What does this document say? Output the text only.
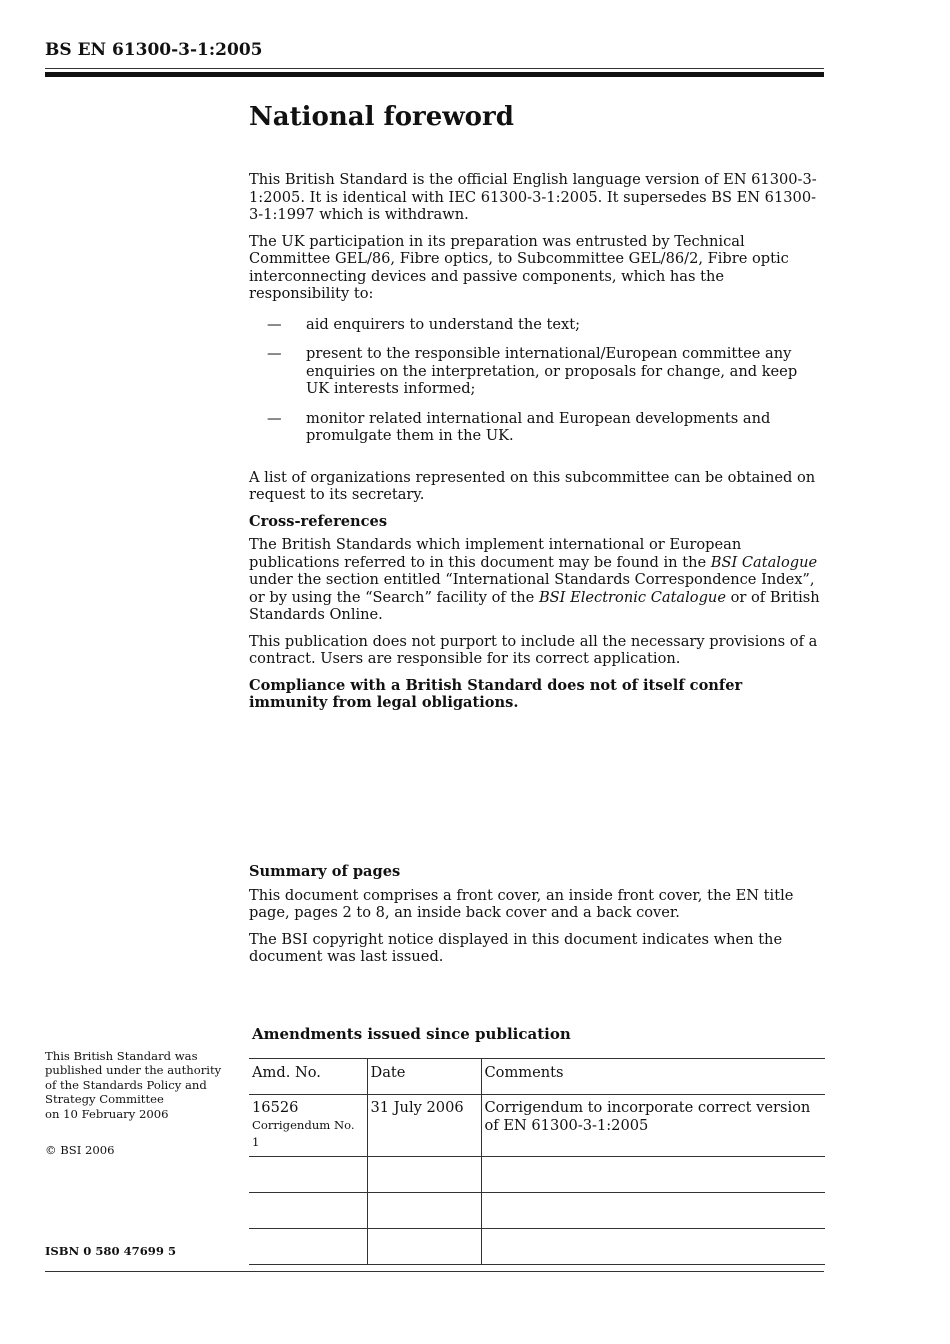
BS EN 61300-3-1:2005
National foreword

This British Standard is the official English language version of EN 61300-3-1:2005. It is identical with IEC 61300-3-1:2005. It supersedes BS EN 61300-3-1:1997 which is withdrawn.

The UK participation in its preparation was entrusted by Technical Committee GEL/86, Fibre optics, to Subcommittee GEL/86/2, Fibre optic interconnecting devices and passive components, which has the responsibility to:

—	aid enquirers to understand the text;
—	present to the responsible international/European committee any enquiries on the interpretation, or proposals for change, and keep UK interests informed;
—	monitor related international and European developments and promulgate them in the UK.

A list of organizations represented on this subcommittee can be obtained on request to its secretary.

Cross-references

The British Standards which implement international or European publications referred to in this document may be found in the BSI Catalogue under the section entitled “International Standards Correspondence Index”, or by using the “Search” facility of the BSI Electronic Catalogue or of British Standards Online.

This publication does not purport to include all the necessary provisions of a contract. Users are responsible for its correct application.

Compliance with a British Standard does not of itself confer immunity from legal obligations.

Summary of pages

This document comprises a front cover, an inside front cover, the EN title page, pages 2 to 8, an inside back cover and a back cover.

The BSI copyright notice displayed in this document indicates when the document was last issued.

This British Standard was
published under the authority
of the Standards Policy and
Strategy Committee
on 10 February 2006
© BSI 2006
ISBN 0 580 47699 5
Amendments issued since publication
Amd. No.	Date	Comments
16526
Corrigendum No. 1	31 July 2006	Corrigendum to incorporate correct version of EN 61300-3-1:2005
